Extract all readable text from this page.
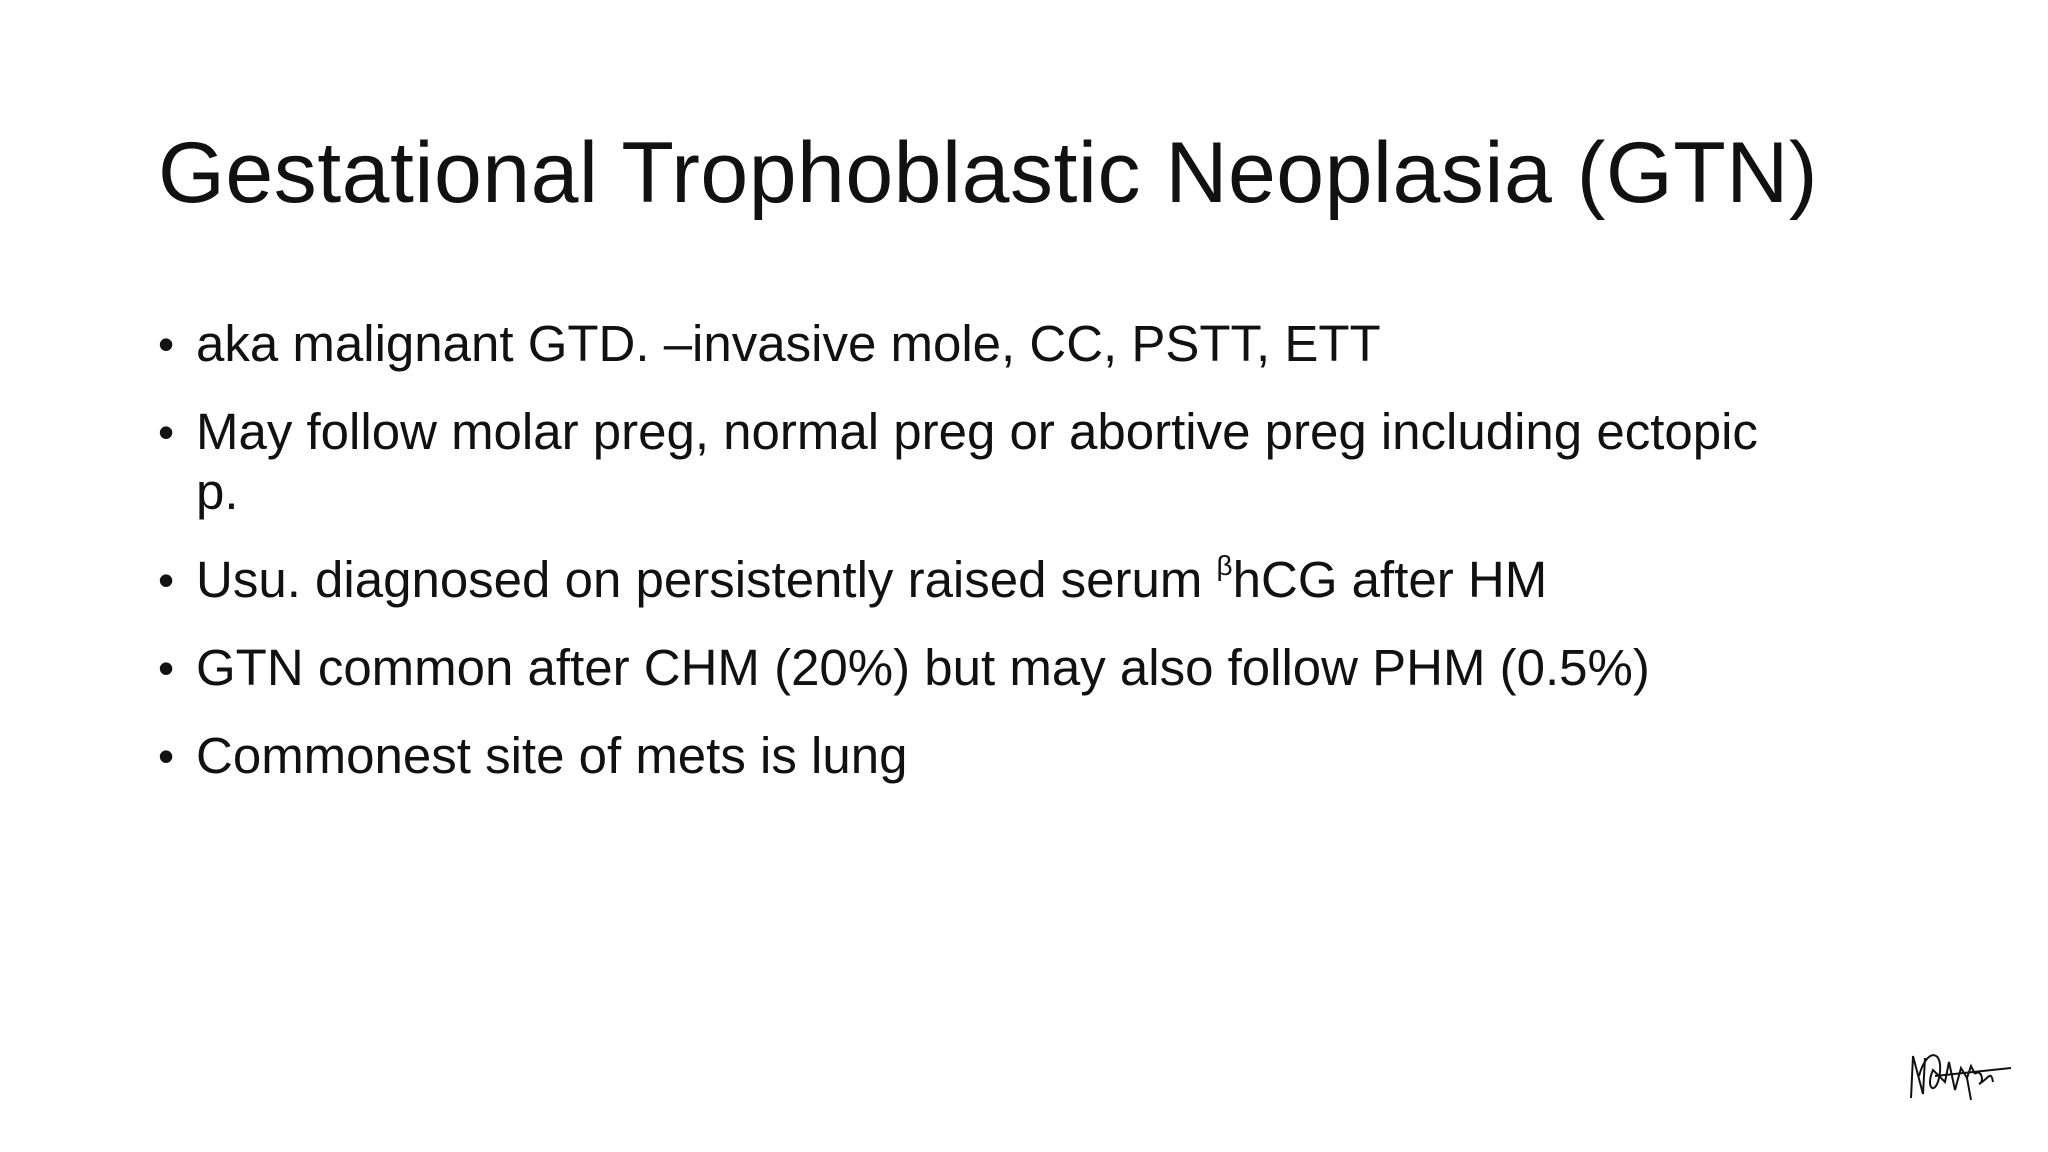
Gestational Trophoblastic Neoplasia (GTN)
• aka malignant GTD. –invasive mole, CC, PSTT, ETT
• May follow molar preg, normal preg or abortive preg including ectopic p.
• Usu. diagnosed on persistently raised serum $^\beta$hCG after HM
• GTN common after CHM (20%) but may also follow PHM (0.5%)
• Commonest site of mets is lung
